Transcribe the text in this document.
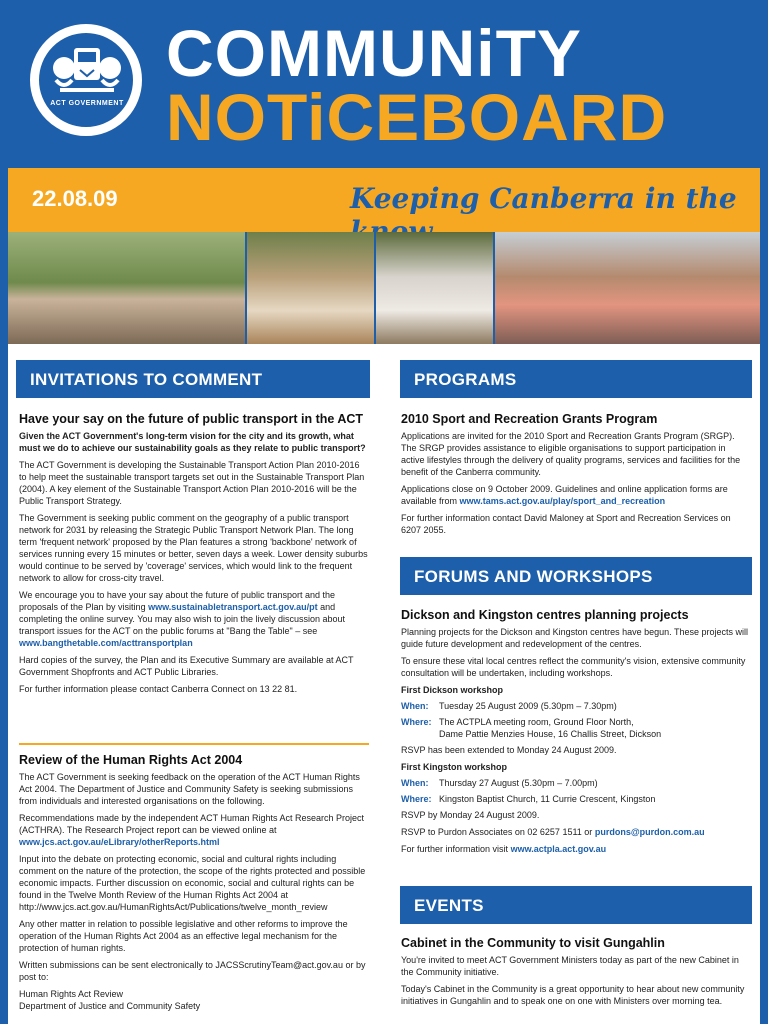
ACT GOVERNMENT
COMMUNiTY
NOTiCEBOARD
22.08.09	Keeping Canberra in the
INVITATIONS TO COMMENT	PROGRAMS
FORUMS AND WORKSHOPS
EVENTS
Have your say on the future of public transport in the ACT

Given the ACT Government's long-term vision for the city and its growth, what must we do to achieve our sustainability goals as they relate to public transport?

The ACT Government is developing the Sustainable Transport Action Plan 2010-2016 to help meet the sustainable transport targets set out in the Sustainable Transport Plan (2004). A key element of the Sustainable Transport Action Plan 2010-2016 will be the Public Transport Strategy.

The Government is seeking public comment on the geography of a public transport network for 2031 by releasing the Strategic Public Transport Network Plan. The long term 'frequent network' proposed by the Plan features a strong 'backbone' network of services running every 15 minutes or better, seven days a week. Lower density suburbs would continue to be served by 'coverage' services, which would link to the frequent network to allow for cross-city travel.

We encourage you to have your say about the future of public transport and the proposals of the Plan by visiting www.sustainabletransport.act.gov.au/pt and completing the online survey. You may also wish to join the lively discussion about transport issues for the ACT on the public forums at "Bang the Table" – see www.bangthetable.com/acttransportplan

Hard copies of the survey, the Plan and its Executive Summary are available at ACT Government Shopfronts and ACT Public Libraries.

For further information please contact Canberra Connect on 13 22 81.

Review of the Human Rights Act 2004

The ACT Government is seeking feedback on the operation of the ACT Human Rights Act 2004. The Department of Justice and Community Safety is seeking submissions from individuals and interested organisations on the following.

Recommendations made by the independent ACT Human Rights Act Research Project (ACTHRA). The Research Project report can be viewed online at www.jcs.act.gov.au/eLibrary/otherReports.html

Input into the debate on protecting economic, social and cultural rights including comment on the nature of the protection, the scope of the rights protected and possible economic impacts. Further discussion on economic, social and cultural rights can be found in the Twelve Month Review of the Human Rights Act 2004 at http://www.jcs.act.gov.au/HumanRightsAct/Publications/twelve_month_review

Any other matter in relation to possible legislative and other reforms to improve the operation of the Human Rights Act 2004 as an effective legal mechanism for the protection of human rights.

Written submissions can be sent electronically to JACSScrutinyTeam@act.gov.au or by post to:

Human Rights Act Review

Department of Justice and Community Safety

2010 Sport and Recreation Grants Program

Applications are invited for the 2010 Sport and Recreation Grants Program (SRGP). The SRGP provides assistance to eligible organisations to support participation in active lifestyles through the delivery of quality programs, services and facilities for the benefit of the Canberra community.

Applications close on 9 October 2009. Guidelines and online application forms are available from www.tams.act.gov.au/play/sport_and_recreation

For further information contact David Maloney at Sport and Recreation Services on 6207 2055.

Dickson and Kingston centres planning projects

Planning projects for the Dickson and Kingston centres have begun. These projects will guide future development and redevelopment of the centres.

To ensure these vital local centres reflect the community's vision, extensive community consultation will be undertaken, including workshops.

First Dickson workshop

When:	Tuesday 25 August 2009 (5.30pm – 7.30pm)
Where: The ACTPLA meeting room, Ground Floor North,
Dame Pattie Menzies House, 16 Challis Street, Dickson

RSVP has been extended to Monday 24 August 2009.

First Kingston workshop

When:	Thursday 27 August (5.30pm – 7.00pm)
Where: Kingston Baptist Church, 11 Currie Crescent, Kingston

RSVP by Monday 24 August 2009.

RSVP to Purdon Associates on 02 6257 1511 or purdons@purdon.com.au

For further information visit www.actpla.act.gov.au

Cabinet in the Community to visit Gungahlin

You're invited to meet ACT Government Ministers today as part of the new Cabinet in the Community initiative.

Today's Cabinet in the Community is a great opportunity to hear about new community initiatives in Gungahlin and to speak one on one with Ministers over morning tea.
